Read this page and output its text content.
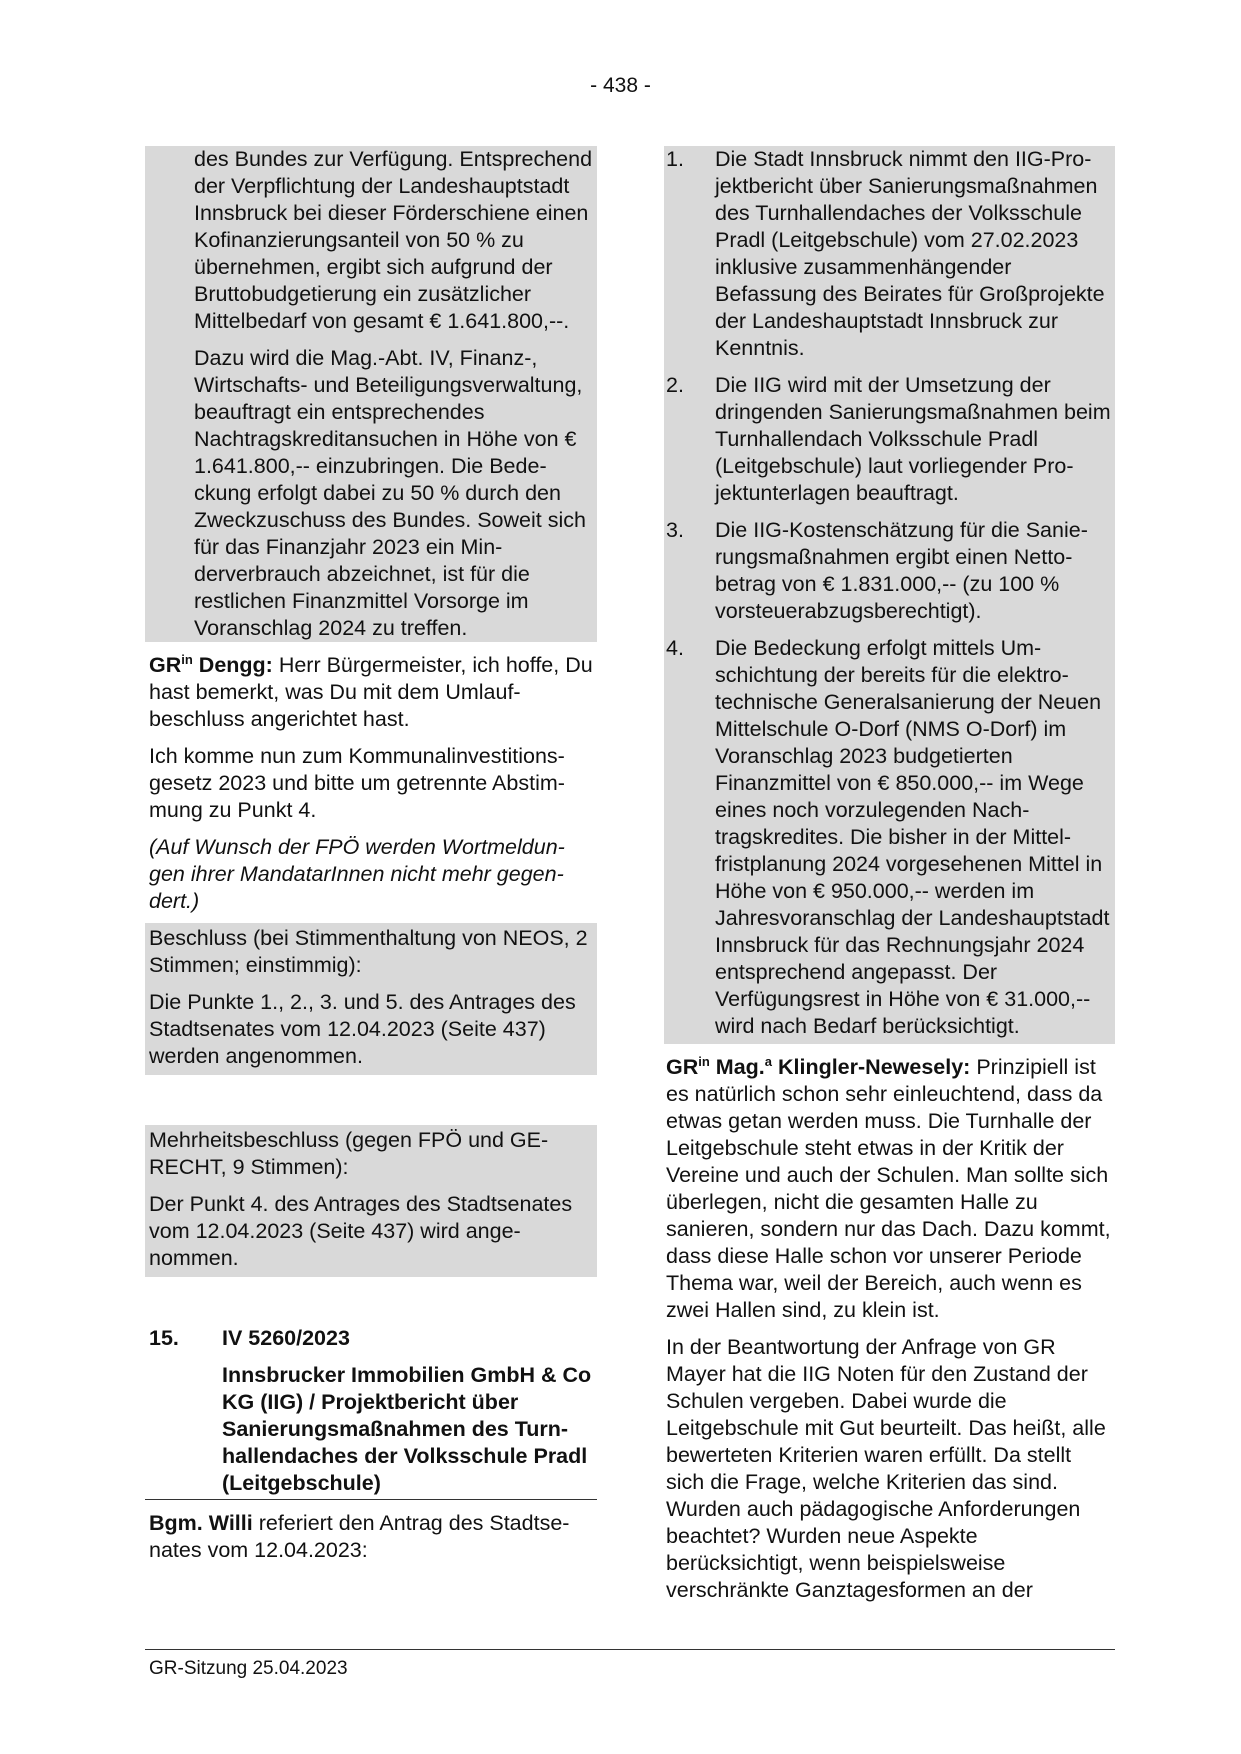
- 438 -

des Bundes zur Verfügung. Entsprechend der Verpflichtung der Landeshauptstadt Innsbruck bei dieser Förderschiene einen Kofinanzierungsanteil von 50 % zu übernehmen, ergibt sich aufgrund der Bruttobudgetierung ein zusätzlicher Mittelbedarf von gesamt € 1.641.800,--.

Dazu wird die Mag.-Abt. IV, Finanz-, Wirtschafts- und Beteiligungsverwaltung, beauftragt ein entsprechendes Nachtragskreditansuchen in Höhe von € 1.641.800,-- einzubringen. Die Bedeckung erfolgt dabei zu 50 % durch den Zweckzuschuss des Bundes. Soweit sich für das Finanzjahr 2023 ein Minderverbrauch abzeichnet, ist für die restlichen Finanzmittel Vorsorge im Voranschlag 2024 zu treffen.

$GR^{in}$ Dengg: Herr Bürgermeister, ich hoffe, Du hast bemerkt, was Du mit dem Umlaufbeschluss angerichtet hast.

Ich komme nun zum Kommunalinvestitionsgesetz 2023 und bitte um getrennte Abstimmung zu Punkt 4.

(Auf Wunsch der FPÖ werden Wortmeldungen ihrer MandatarInnen nicht mehr gegendert.)

Beschluss (bei Stimmenthaltung von NEOS, 2 Stimmen; einstimmig):

Die Punkte 1., 2., 3. und 5. des Antrages des Stadtsenates vom 12.04.2023 (Seite 437) werden angenommen.

Mehrheitsbeschluss (gegen FPÖ und GERECHT, 9 Stimmen):

Der Punkt 4. des Antrages des Stadtsenates vom 12.04.2023 (Seite 437) wird angenommen.

15.	IV 5260/2023

Innsbrucker Immobilien GmbH & Co KG (IIG) / Projektbericht über Sanierungsmaßnahmen des Turnhallendaches der Volksschule Pradl (Leitgebschule)

Bgm. Willi referiert den Antrag des Stadtsenates vom 12.04.2023:

1.	Die Stadt Innsbruck nimmt den IIG-Projektbericht über Sanierungsmaßnahmen des Turnhallendaches der Volksschule Pradl (Leitgebschule) vom 27.02.2023 inklusive zusammenhängender Befassung des Beirates für Großprojekte der Landeshauptstadt Innsbruck zur Kenntnis.
2.	Die IIG wird mit der Umsetzung der dringenden Sanierungsmaßnahmen beim Turnhallendach Volksschule Pradl (Leitgebschule) laut vorliegender Projektunterlagen beauftragt.
3.	Die IIG-Kostenschätzung für die Sanierungsmaßnahmen ergibt einen Nettobetrag von € 1.831.000,-- (zu 100 % vorsteuerabzugsberechtigt).
4.	Die Bedeckung erfolgt mittels Umschichtung der bereits für die elektrotechnische Generalsanierung der Neuen Mittelschule O-Dorf (NMS O-Dorf) im Voranschlag 2023 budgetierten Finanzmittel von € 850.000,-- im Wege eines noch vorzulegenden Nachtragskredites. Die bisher in der Mittelfristplanung 2024 vorgesehenen Mittel in Höhe von € 950.000,-- werden im Jahresvoranschlag der Landeshauptstadt Innsbruck für das Rechnungsjahr 2024 entsprechend angepasst. Der Verfügungsrest in Höhe von € 31.000,-- wird nach Bedarf berücksichtigt.

$GR^{in}$ Mag.$^a$ Klingler-Newesely: Prinzipiell ist es natürlich schon sehr einleuchtend, dass da etwas getan werden muss. Die Turnhalle der Leitgebschule steht etwas in der Kritik der Vereine und auch der Schulen. Man sollte sich überlegen, nicht die gesamten Halle zu sanieren, sondern nur das Dach. Dazu kommt, dass diese Halle schon vor unserer Periode Thema war, weil der Bereich, auch wenn es zwei Hallen sind, zu klein ist.

In der Beantwortung der Anfrage von GR Mayer hat die IIG Noten für den Zustand der Schulen vergeben. Dabei wurde die Leitgebschule mit Gut beurteilt. Das heißt, alle bewerteten Kriterien waren erfüllt. Da stellt sich die Frage, welche Kriterien das sind. Wurden auch pädagogische Anforderungen beachtet? Wurden neue Aspekte berücksichtigt, wenn beispielsweise verschränkte Ganztagesformen an der

GR-Sitzung 25.04.2023
